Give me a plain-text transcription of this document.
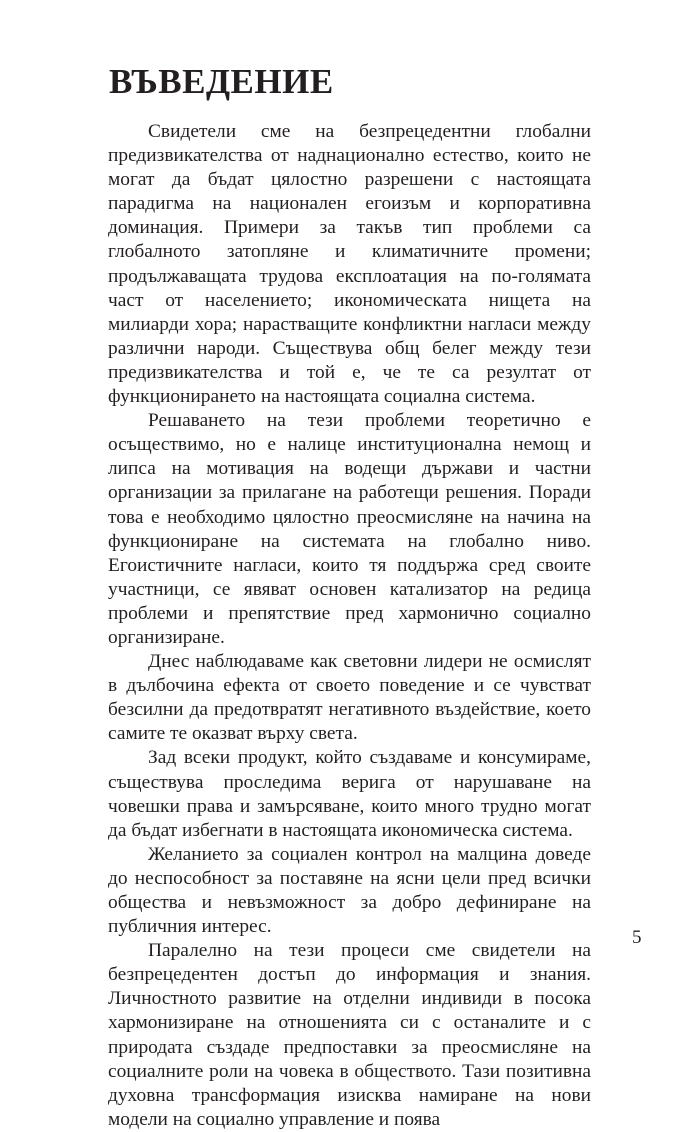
ВЪВЕДЕНИЕ

Свидетели сме на безпрецедентни глобални предизвикателства от наднационално естество, които не могат да бъдат цялостно разрешени с настоящата парадигма на национален егоизъм и корпоративна доминация. Примери за такъв тип проблеми са глобалното затопляне и климатичните промени; продължаващата трудова експлоатация на по-голямата част от населението; икономическата нищета на милиарди хора; нарастващите конфликтни нагласи между различни народи. Съществува общ белег между тези предизвикателства и той е, че те са резултат от функционирането на настоящата социална система.

Решаването на тези проблеми теоретично е осъществимо, но е налице институционална немощ и липса на мотивация на водещи държави и частни организации за прилагане на работещи решения. Поради това е необходимо цялостно преосмисляне на начина на функциониране на системата на глобално ниво. Егоистичните нагласи, които тя поддържа сред своите участници, се явяват основен катализатор на редица проблеми и препятствие пред хармонично социално организиране.

Днес наблюдаваме как световни лидери не осмислят в дълбочина ефекта от своето поведение и се чувстват безсилни да предотвратят негативното въздействие, което самите те оказват върху света.

Зад всеки продукт, който създаваме и консумираме, съществува проследима верига от нарушаване на човешки права и замърсяване, които много трудно могат да бъдат избегнати в настоящата икономическа система.

Желанието за социален контрол на малцина доведе до неспособност за поставяне на ясни цели пред всички общества и невъзможност за добро дефиниране на публичния интерес.

Паралелно на тези процеси сме свидетели на безпрецедентен достъп до информация и знания. Личностното развитие на отделни индивиди в посока хармонизиране на отношенията си с останалите и с природата създаде предпоставки за преосмисляне на социалните роли на човека в обществото. Тази позитивна духовна трансформация изисква намиране на нови модели на социално управление и поява

5
